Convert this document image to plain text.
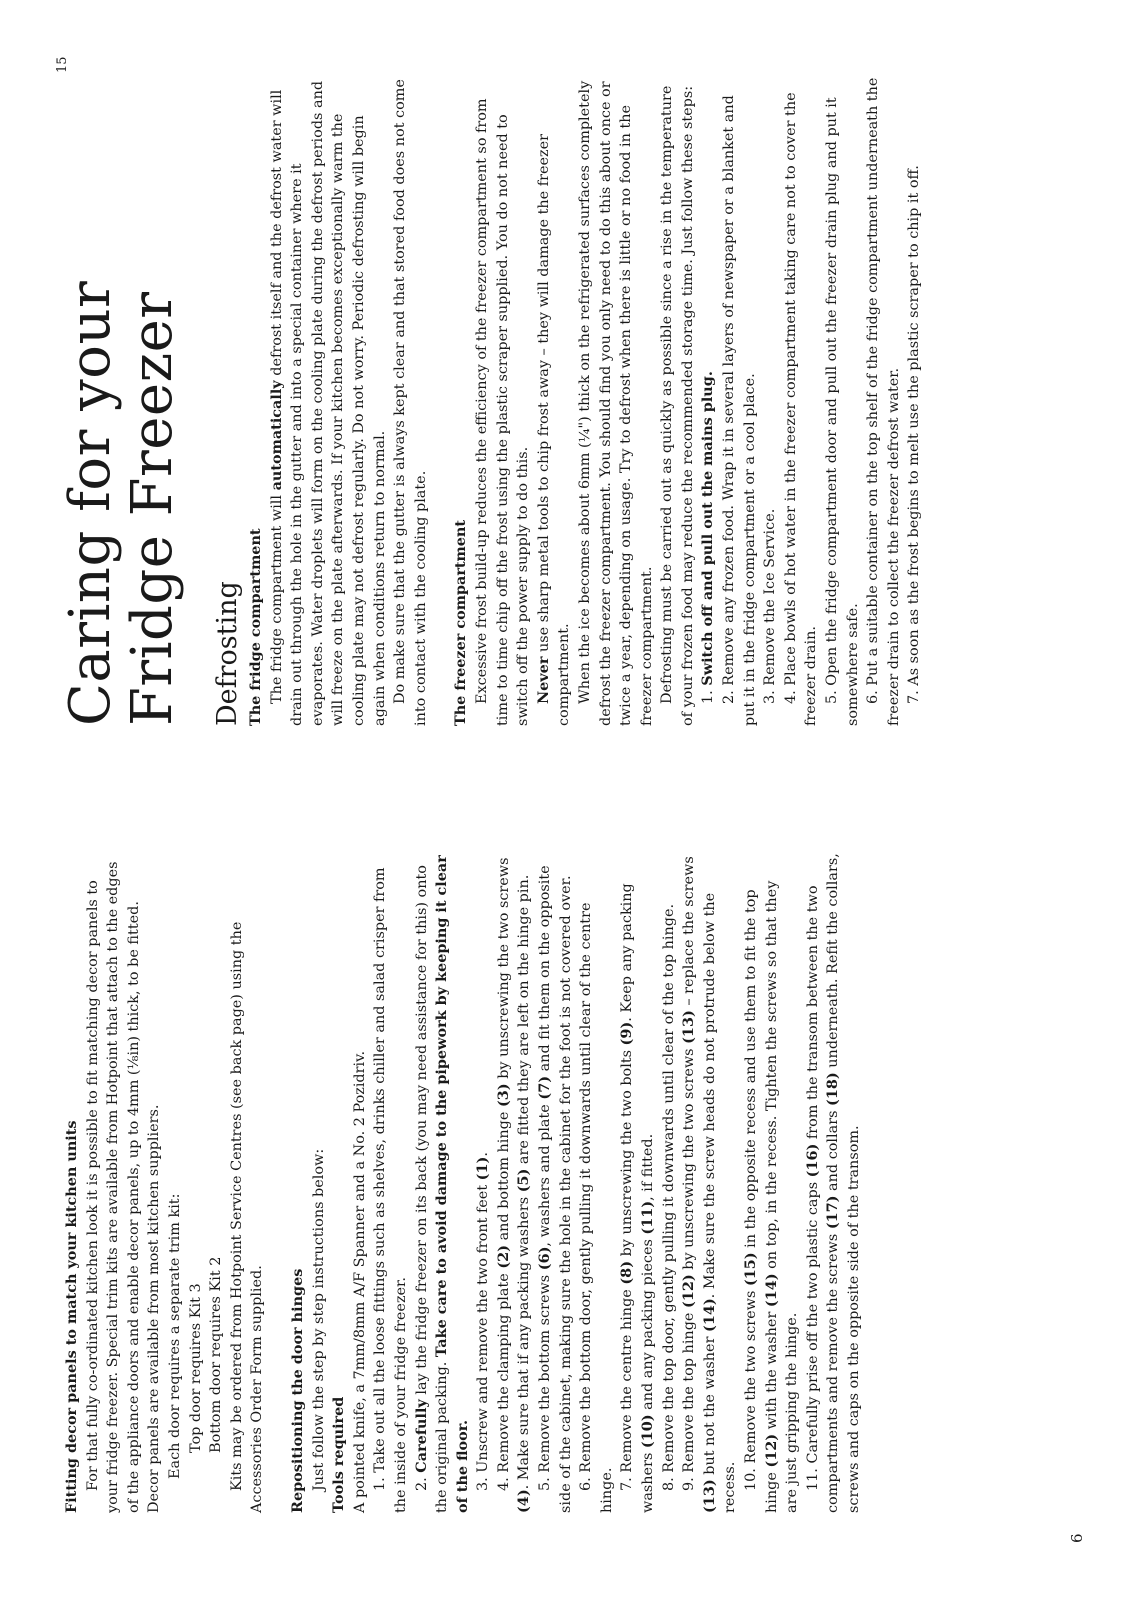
6
15

Fitting decor panels to match your kitchen units For that fully co-ordinated kitchen look it is possible to fit matching decor panels to your fridge freezer. Special trim kits are available from Hotpoint that attach to the edges of the appliance doors and enable decor panels, up to 4mm (⅛in) thick, to be fitted. Decor panels are available from most kitchen suppliers. Each door requires a separate trim kit: Top door requires Kit 3 Bottom door requires Kit 2 Kits may be ordered from Hotpoint Service Centres (see back page) using the Accessories Order Form supplied. Repositioning the door hinges Just follow the step by step instructions below: Tools required A pointed knife, a 7mm/8mm A/F Spanner and a No. 2 Pozidriv. 1. Take out all the loose fittings such as shelves, drinks chiller and salad crisper from the inside of your fridge freezer. 2. Carefully lay the fridge freezer on its back (you may need assistance for this) onto the original packing. Take care to avoid damage to the pipework by keeping it clear of the floor. 3. Unscrew and remove the two front feet (1).

4. Remove the clamping plate (2) and bottom hinge (3) by unscrewing the two screws (4). Make sure that if any packing washers (5) are fitted they are left on the hinge pin.

5. Remove the bottom screws (6), washers and plate (7) and fit them on the opposite side of the cabinet, making sure the hole in the cabinet for the foot is not covered over. 6. Remove the bottom door, gently pulling it downwards until clear of the centre hinge. 7. Remove the centre hinge (8) by unscrewing the two bolts (9). Keep any packing washers (10) and any packing pieces (11), if fitted. 8. Remove the top door, gently pulling it downwards until clear of the top hinge. 9. Remove the top hinge (12) by unscrewing the two screws (13) – replace the screws (13) but not the washer (14). Make sure the screw heads do not protrude below the recess. 10. Remove the two screws (15) in the opposite recess and use them to fit the top hinge (12) with the washer (14) on top, in the recess. Tighten the screws so that they are just gripping the hinge. 11. Carefully prise off the two plastic caps (16) from the transom between the two compartments and remove the screws (17) and collars (18) underneath. Refit the collars, screws and caps on the opposite side of the transom.

Caring for your Fridge Freezer Defrosting The fridge compartment The fridge compartment will automatically defrost itself and the defrost water will drain out through the hole in the gutter and into a special container where it evaporates. Water droplets will form on the cooling plate during the defrost periods and will freeze on the plate afterwards. If your kitchen becomes exceptionally warm the cooling plate may not defrost regularly. Do not worry. Periodic defrosting will begin again when conditions return to normal. Do make sure that the gutter is always kept clear and that stored food does not come into contact with the cooling plate. The freezer compartment Excessive frost build-up reduces the efficiency of the freezer compartment so from time to time chip off the frost using the plastic scraper supplied. You do not need to switch off the power supply to do this. Never use sharp metal tools to chip frost away – they will damage the freezer compartment. When the ice becomes about 6mm (¼") thick on the refrigerated surfaces completely defrost the freezer compartment. You should find you only need to do this about once or twice a year, depending on usage. Try to defrost when there is little or no food in the freezer compartment. Defrosting must be carried out as quickly as possible since a rise in the temperature of your frozen food may reduce the recommended storage time. Just follow these steps: 1. Switch off and pull out the mains plug. 2. Remove any frozen food. Wrap it in several layers of newspaper or a blanket and put it in the fridge compartment or a cool place. 3. Remove the Ice Service. 4. Place bowls of hot water in the freezer compartment taking care not to cover the freezer drain. 5. Open the fridge compartment door and pull out the freezer drain plug and put it somewhere safe. 6. Put a suitable container on the top shelf of the fridge compartment underneath the freezer drain to collect the freezer defrost water. 7. As soon as the frost begins to melt use the plastic scraper to chip it off.
